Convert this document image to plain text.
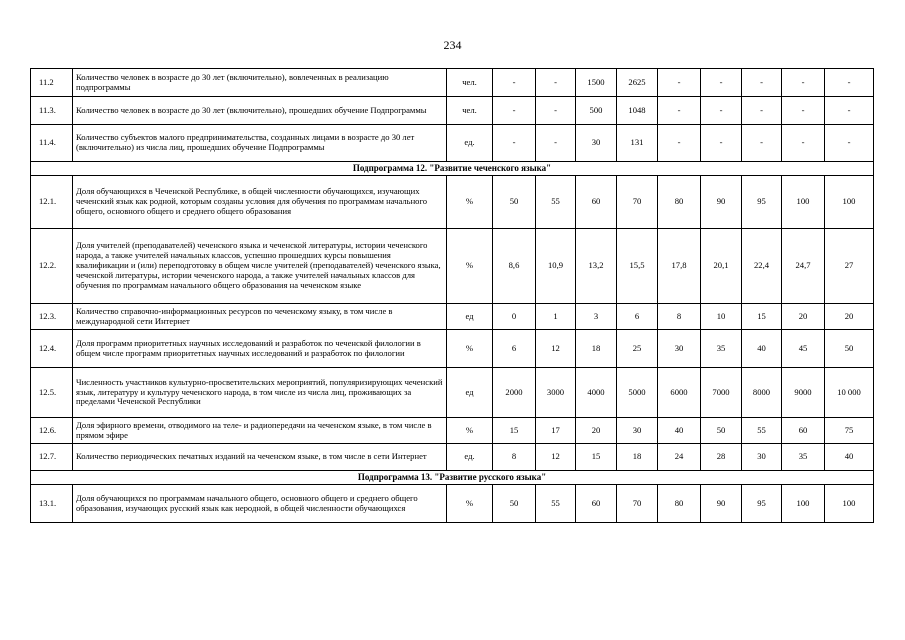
234
11.2	Количество человек в возрасте до 30 лет (включительно), вовлеченных в реализацию подпрограммы	чел.	-	-	1500	2625	-	-	-	-	-
11.3.	Количество человек в возрасте до 30 лет (включительно), прошедших обучение Подпрограммы	чел.	-	-	500	1048	-	-	-	-	-
11.4.	Количество субъектов малого предпринимательства, созданных лицами в возрасте до 30 лет (включительно) из числа лиц, прошедших обучение Подпрограммы	ед.	-	-	30	131	-	-	-	-	-
Подпрограмма 12. "Развитие чеченского языка"											
12.1.	Доля обучающихся в Чеченской Республике, в общей численности обучающихся, изучающих чеченский язык как родной, которым созданы условия для обучения по программам начального общего, основного общего и среднего общего образования	%	50	55	60	70	80	90	95	100	100
12.2.	Доля учителей (преподавателей) чеченского языка и чеченской литературы, истории чеченского народа, а также учителей начальных классов, успешно прошедших курсы повышения квалификации и (или) переподготовку в общем числе учителей (преподавателей) чеченского языка, чеченской литературы, истории чеченского народа, а также учителей начальных классов для обучения по программам начального общего образования на чеченском языке	%	8,6	10,9	13,2	15,5	17,8	20,1	22,4	24,7	27
12.3.	Количество справочно-информационных ресурсов по чеченскому языку, в том числе в международной сети Интернет	ед	0	1	3	6	8	10	15	20	20
12.4.	Доля программ приоритетных научных исследований и разработок по чеченской филологии в общем числе программ приоритетных научных исследований и разработок по филологии	%	6	12	18	25	30	35	40	45	50
12.5.	Численность участников культурно-просветительских мероприятий, популяризирующих чеченский язык, литературу и культуру чеченского народа, в том числе из числа лиц, проживающих за пределами Чеченской Республики	ед	2000	3000	4000	5000	6000	7000	8000	9000	10 000
12.6.	Доля эфирного времени, отводимого на теле- и радиопередачи на чеченском языке, в том числе в прямом эфире	%	15	17	20	30	40	50	55	60	75
12.7.	Количество периодических печатных изданий на чеченском языке, в том числе в сети Интернет	ед.	8	12	15	18	24	28	30	35	40
Подпрограмма 13. "Развитие русского языка"											
13.1.	Доля обучающихся по программам начального общего, основного общего и среднего общего образования, изучающих русский язык как неродной, в общей численности обучающихся	%	50	55	60	70	80	90	95	100	100
